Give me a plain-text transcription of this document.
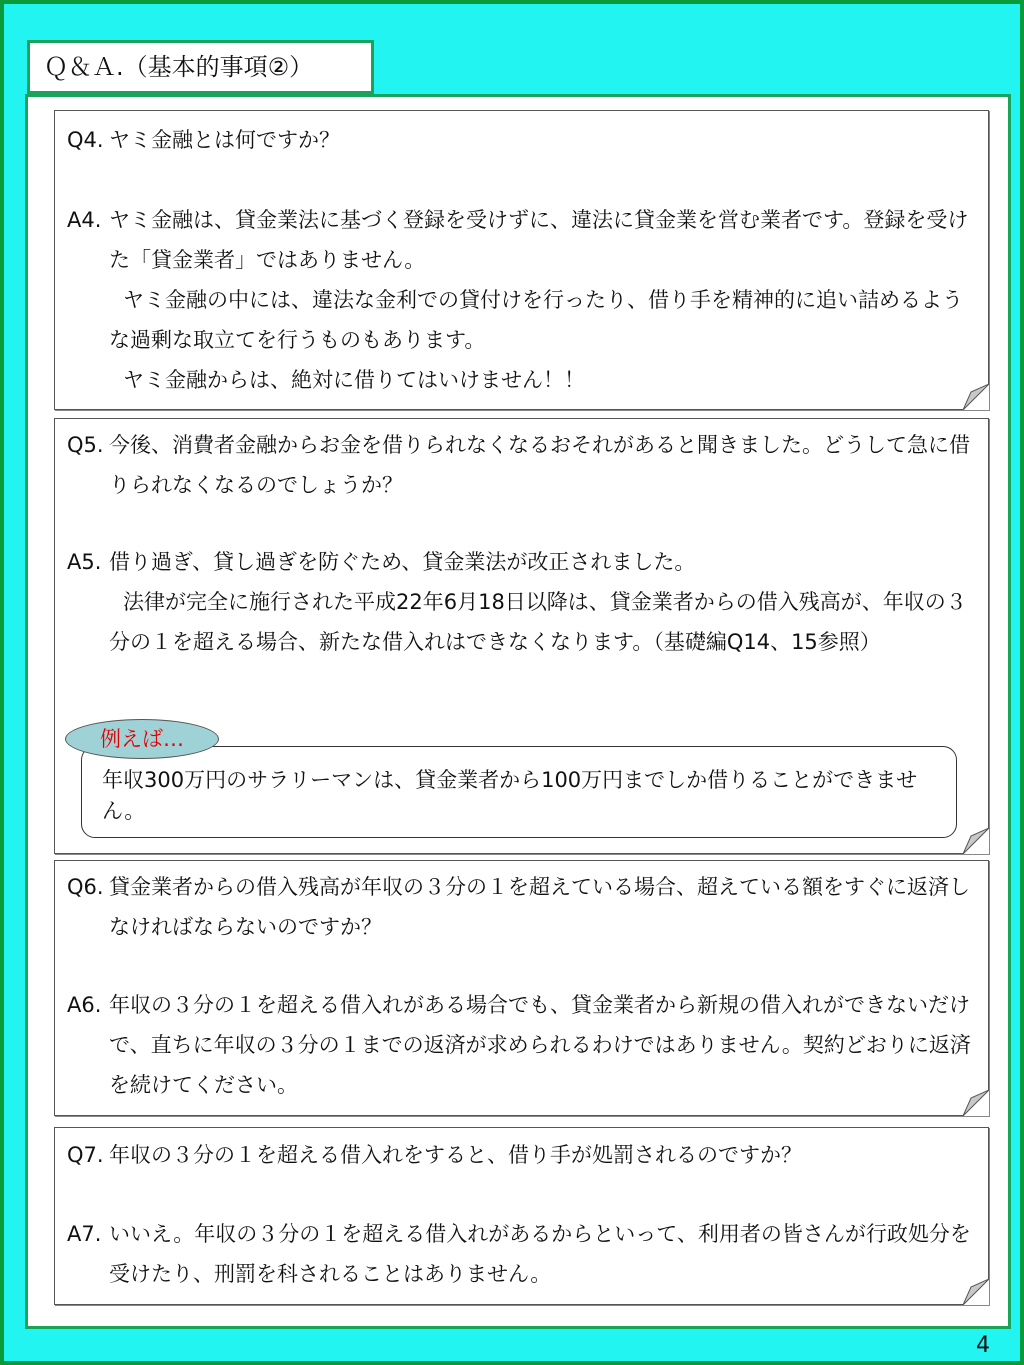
Ｑ＆Ａ.（基本的事項②）
Q4. ヤミ金融とは何ですか？
A4. ヤミ金融は、貸金業法に基づく登録を受けずに、違法に貸金業を営む業者です。登録を受けた「貸金業者」ではありません。
ヤミ金融の中には、違法な金利での貸付けを行ったり、借り手を精神的に追い詰めるような過剰な取立てを行うものもあります。
ヤミ金融からは、絶対に借りてはいけません！！
Q5. 今後、消費者金融からお金を借りられなくなるおそれがあると聞きました。どうして急に借りられなくなるのでしょうか？
A5. 借り過ぎ、貸し過ぎを防ぐため、貸金業法が改正されました。
法律が完全に施行された平成22年6月18日以降は、貸金業者からの借入残高が、年収の３分の１を超える場合、新たな借入れはできなくなります。（基礎編Q14、15参照）
年収300万円のサラリーマンは、貸金業者から100万円までしか借りることができません。
例えば…
Q6. 貸金業者からの借入残高が年収の３分の１を超えている場合、超えている額をすぐに返済しなければならないのですか？
A6. 年収の３分の１を超える借入れがある場合でも、貸金業者から新規の借入れができないだけで、直ちに年収の３分の１までの返済が求められるわけではありません。契約どおりに返済を続けてください。
Q7. 年収の３分の１を超える借入れをすると、借り手が処罰されるのですか？
A7. いいえ。年収の３分の１を超える借入れがあるからといって、利用者の皆さんが行政処分を受けたり、刑罰を科されることはありません。
4
